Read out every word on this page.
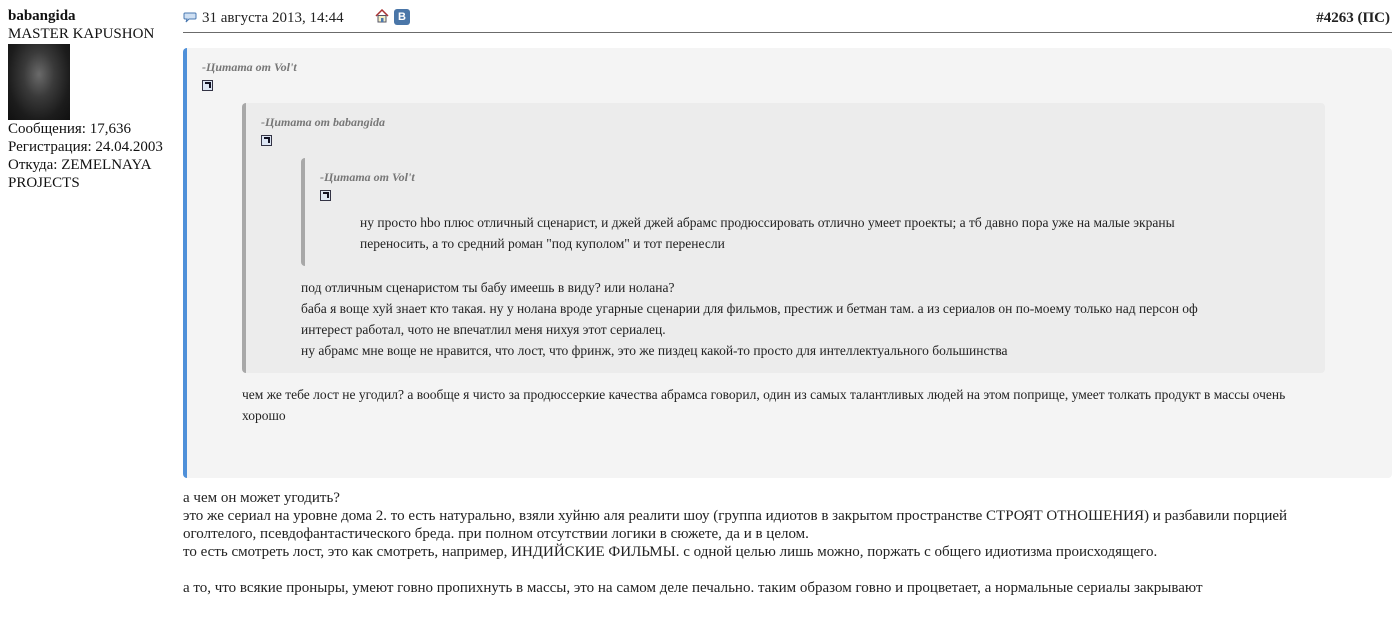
babangida
MASTER KAPUSHON
Сообщения: 17,636
Регистрация: 24.04.2003
Откуда: ZEMELNAYA PROJECTS
31 августа 2013, 14:44	В	#4263 (ПС)
-Цитата от Vol't
-Цитата от babangida
-Цитата от Vol't
ну просто hbo плюс отличный сценарист, и джей джей абрамс продюссировать отлично умеет проекты; а тб давно пора уже на малые экраны
переносить, а то средний роман "под куполом" и тот перенесли
под отличным сценаристом ты бабу имеешь в виду? или нолана?
баба я воще хуй знает кто такая. ну у нолана вроде угарные сценарии для фильмов, престиж и бетман там. а из сериалов он по-моему только над персон оф
интерест работал, чото не впечатлил меня нихуя этот сериалец.
ну абрамс мне воще не нравится, что лост, что фринж, это же пиздец какой-то просто для интеллектуального большинства
чем же тебе лост не угодил? а вообще я чисто за продюссеркие качества абрамса говорил, один из самых талантливых людей на этом поприще, умеет толкать продукт в массы очень
хорошо

а чем он может угодить?

это же сериал на уровне дома 2. то есть натурально, взяли хуйню аля реалити шоу (группа идиотов в закрытом пространстве СТРОЯТ ОТНОШЕНИЯ) и разбавили порцией

оголтелого, псевдофантастического бреда. при полном отсутствии логики в сюжете, да и в целом.

то есть смотреть лост, это как смотреть, например, ИНДИЙСКИЕ ФИЛЬМЫ. с одной целью лишь можно, поржать с общего идиотизма происходящего.

а то, что всякие проныры, умеют говно пропихнуть в массы, это на самом деле печально. таким образом говно и процветает, а нормальные сериалы закрывают
